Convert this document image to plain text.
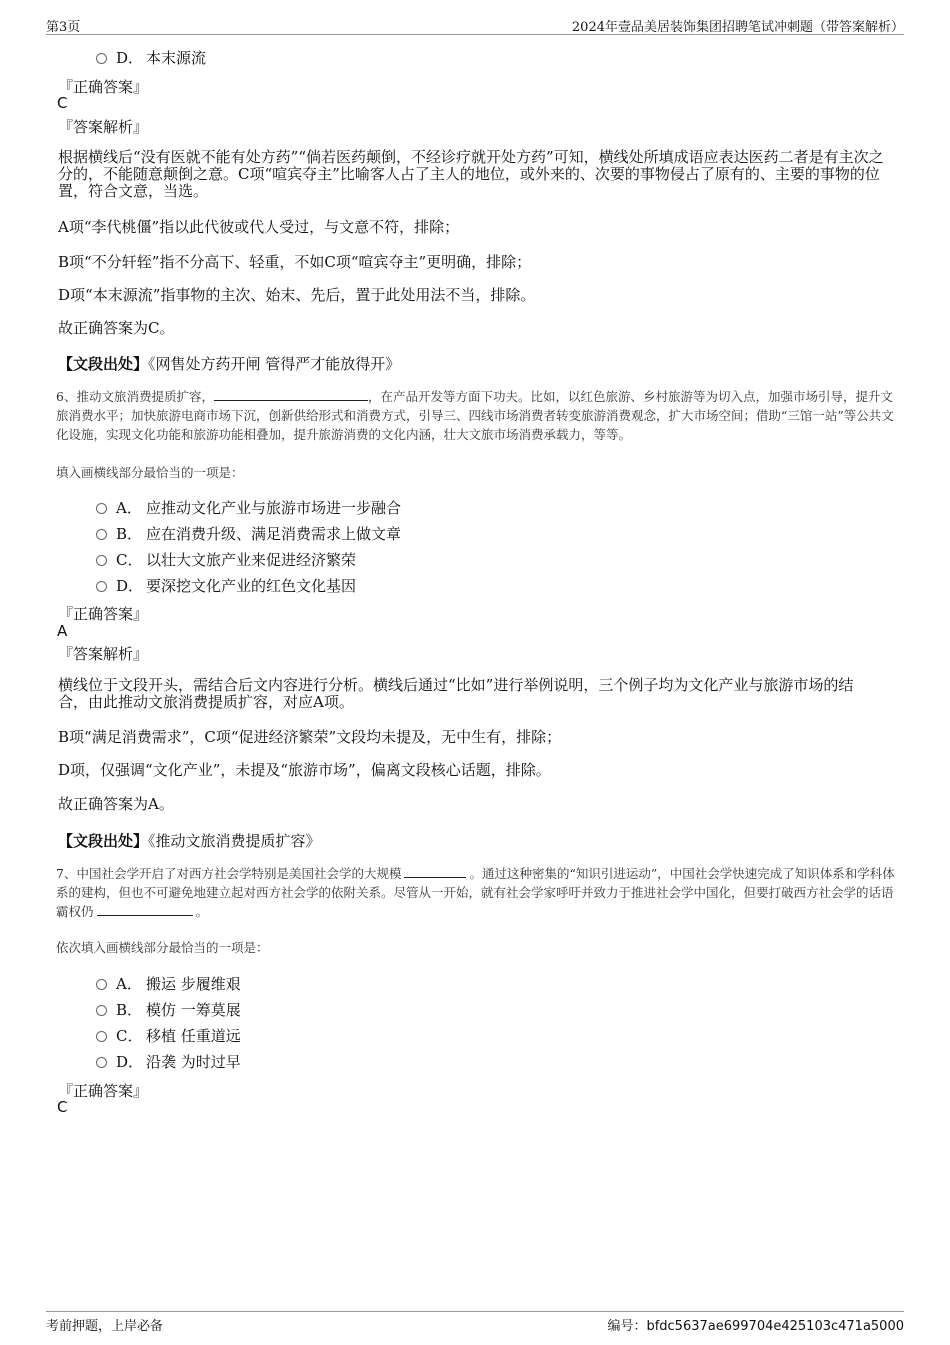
第3页	2024年壹品美居装饰集团招聘笔试冲刺题（带答案解析）
D． 本末源流
『正确答案』
C
『答案解析』
根据横线后“没有医就不能有处方药”“倘若医药颠倒，不经诊疗就开处方药”可知，横线处所填成语应表达医药二者是有主次之分的，不能随意颠倒之意。C项“喧宾夺主”比喻客人占了主人的地位，或外来的、次要的事物侵占了原有的、主要的事物的位置，符合文意，当选。
A项“李代桃僵”指以此代彼或代人受过，与文意不符，排除；
B项“不分轩轾”指不分高下、轻重，不如C项“喧宾夺主”更明确，排除；
D项“本末源流”指事物的主次、始末、先后，置于此处用法不当，排除。
故正确答案为C。
【文段出处】《网售处方药开闸 管得严才能放得开》
6、推动文旅消费提质扩容，	，在产品开发等方面下功夫。比如，以红色旅游、乡村旅游等为切入点，加强市场引导，提升文旅消费水平；加快旅游电商市场下沉，创新供给形式和消费方式，引导三、四线市场消费者转变旅游消费观念，扩大市场空间；借助“三馆一站”等公共文化设施，实现文化功能和旅游功能相叠加，提升旅游消费的文化内涵，壮大文旅市场消费承载力，等等。
填入画横线部分最恰当的一项是：
A． 应推动文化产业与旅游市场进一步融合
B． 应在消费升级、满足消费需求上做文章
C． 以壮大文旅产业来促进经济繁荣
D． 要深挖文化产业的红色文化基因
『正确答案』
A
『答案解析』
横线位于文段开头，需结合后文内容进行分析。横线后通过“比如”进行举例说明，三个例子均为文化产业与旅游市场的结合，由此推动文旅消费提质扩容，对应A项。
B项“满足消费需求”，C项“促进经济繁荣”文段均未提及，无中生有，排除；
D项，仅强调“文化产业”，未提及“旅游市场”，偏离文段核心话题，排除。
故正确答案为A。
【文段出处】《推动文旅消费提质扩容》
7、中国社会学开启了对西方社会学特别是美国社会学的大规模	。通过这种密集的“知识引进运动”，中国社会学快速完成了知识体系和学科体系的建构，但也不可避免地建立起对西方社会学的依附关系。尽管从一开始，就有社会学家呼吁并致力于推进社会学中国化，但要打破西方社会学的话语霸权仍	。
依次填入画横线部分最恰当的一项是：
A． 搬运 步履维艰
B． 模仿 一筹莫展
C． 移植 任重道远
D． 沿袭 为时过早
『正确答案』
C
考前押题，上岸必备	编号：bfdc5637ae699704e425103c471a5000
